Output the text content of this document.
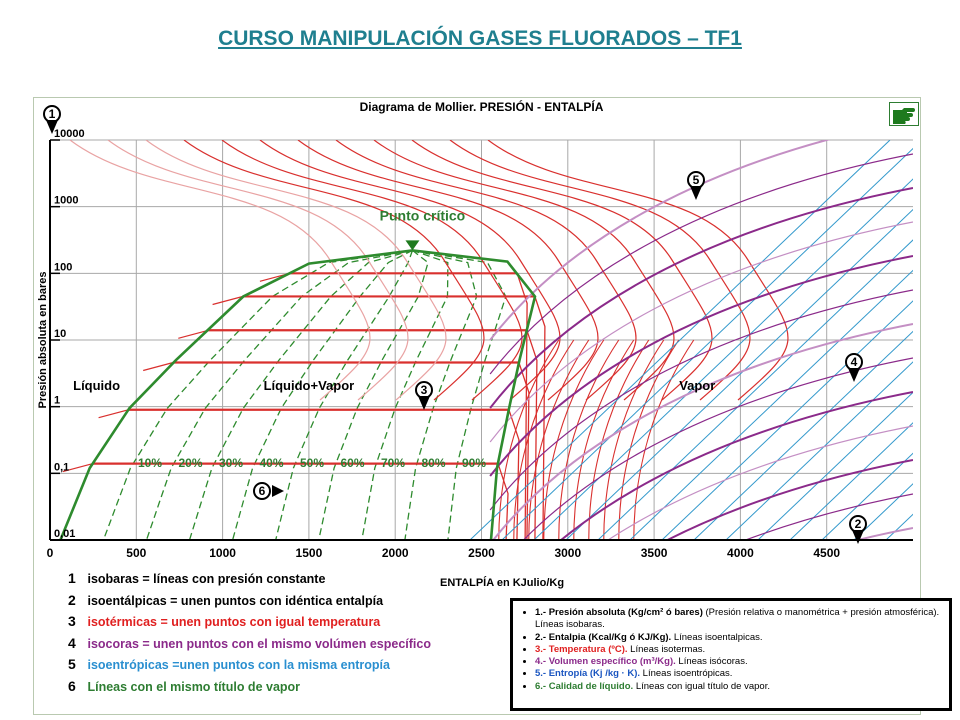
CURSO MANIPULACIÓN GASES FLUORADOS – TF1
0,01
0,1
1
10
100
1000
10000
0	500	1000	1500	2000	2500	3000	3500	4000	4500
Diagrama de Mollier. PRESIÓN - ENTALPÍA
ENTALPÍA en KJulio/Kg
Presión absoluta en bares
Punto crítico
Líquido	Líquido+Vapor	Vapor
10% 20% 30% 40% 50% 60% 70% 80% 90%
1
2
3
4
5
6
1 isobaras = líneas con presión constante
2 isoentálpicas = unen puntos con idéntica entalpía
3 isotérmicas = unen puntos con igual temperatura
4 isocoras = unen puntos con el mismo volúmen específico
5 isoentrópicas =unen puntos con la misma entropía
6 Líneas con el mismo título de vapor
• 1.- Presión absoluta (Kg/cm² ó bares) (Presión relativa o manométrica + presión atmosférica). Líneas isobaras.
• 2.- Entalpia (Kcal/Kg ó KJ/Kg). Líneas isoentalpicas.
• 3.- Temperatura (ºC). Líneas isotermas.
• 4.- Volumen específico (m³/Kg). Líneas isócoras.
• 5.- Entropía (Kj /kg · K). Líneas isoentrópicas.
• 6.- Calidad de líquido. Líneas con igual título de vapor.
